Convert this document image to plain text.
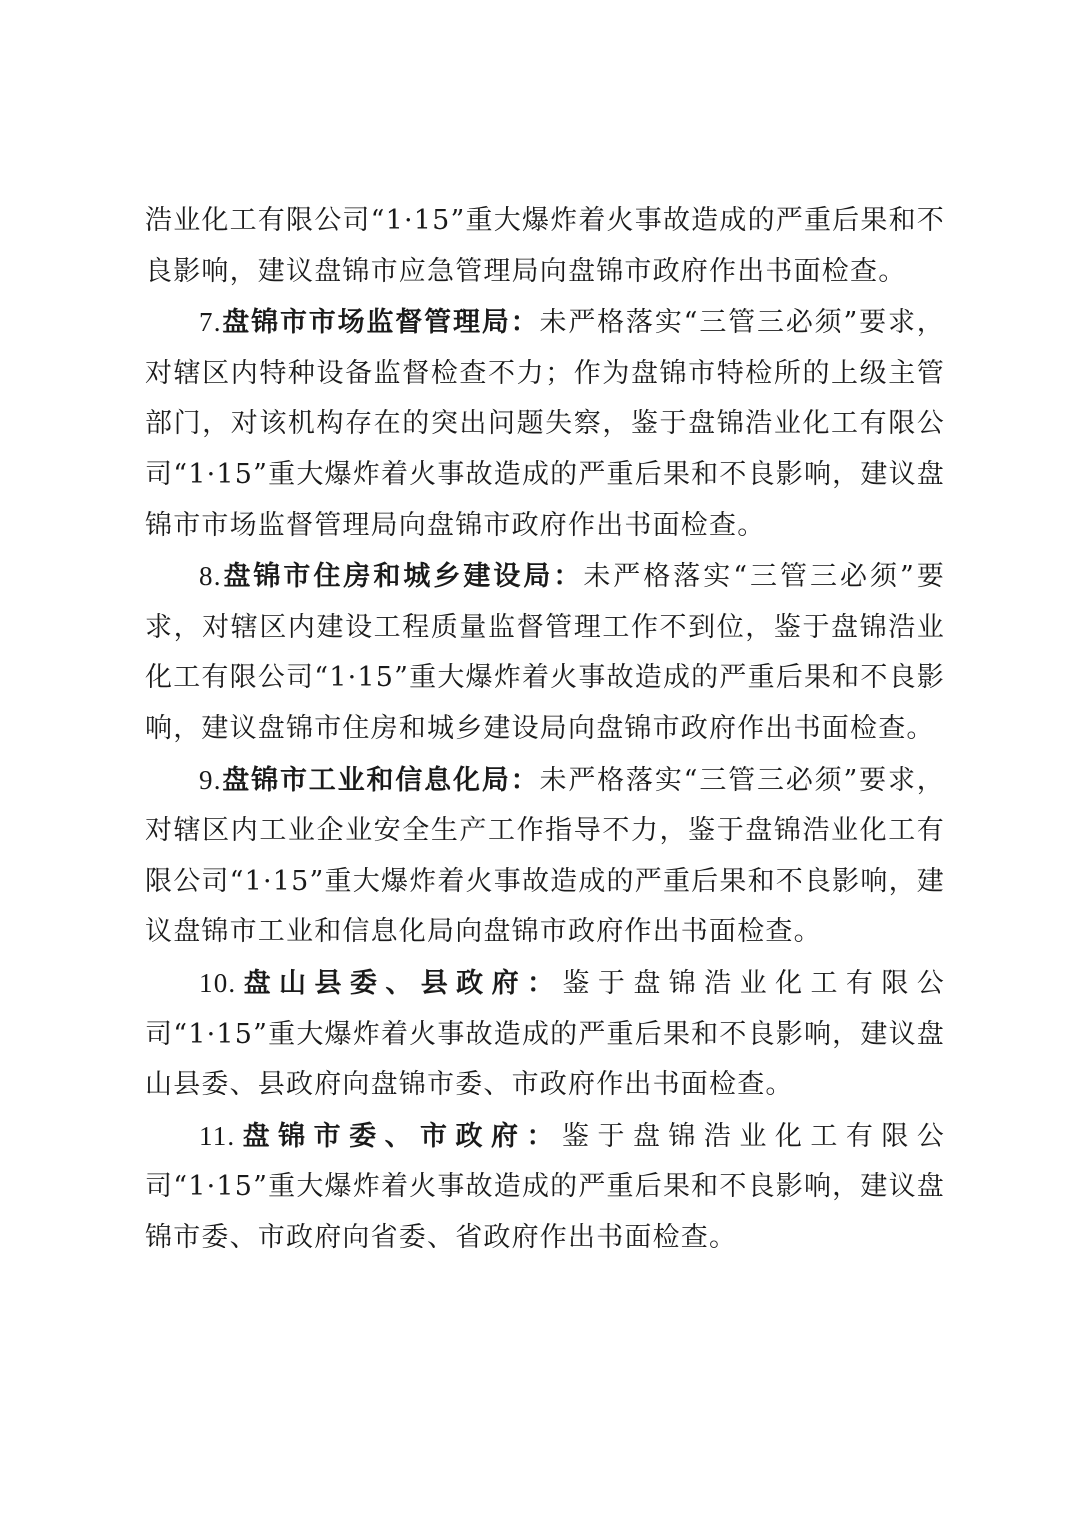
浩业化工有限公司“1·15”重大爆炸着火事故造成的严重后果和不良影响，建议盘锦市应急管理局向盘锦市政府作出书面检查。

7.盘锦市市场监督管理局：未严格落实“三管三必须”要求，对辖区内特种设备监督检查不力；作为盘锦市特检所的上级主管部门，对该机构存在的突出问题失察，鉴于盘锦浩业化工有限公司“1·15”重大爆炸着火事故造成的严重后果和不良影响，建议盘锦市市场监督管理局向盘锦市政府作出书面检查。

8.盘锦市住房和城乡建设局：未严格落实“三管三必须”要求，对辖区内建设工程质量监督管理工作不到位，鉴于盘锦浩业化工有限公司“1·15”重大爆炸着火事故造成的严重后果和不良影响，建议盘锦市住房和城乡建设局向盘锦市政府作出书面检查。

9.盘锦市工业和信息化局：未严格落实“三管三必须”要求，对辖区内工业企业安全生产工作指导不力，鉴于盘锦浩业化工有限公司“1·15”重大爆炸着火事故造成的严重后果和不良影响，建议盘锦市工业和信息化局向盘锦市政府作出书面检查。

10.盘山县委、县政府：鉴于盘锦浩业化工有限公司“1·15”重大爆炸着火事故造成的严重后果和不良影响，建议盘山县委、县政府向盘锦市委、市政府作出书面检查。

11.盘锦市委、市政府：鉴于盘锦浩业化工有限公司“1·15”重大爆炸着火事故造成的严重后果和不良影响，建议盘锦市委、市政府向省委、省政府作出书面检查。
